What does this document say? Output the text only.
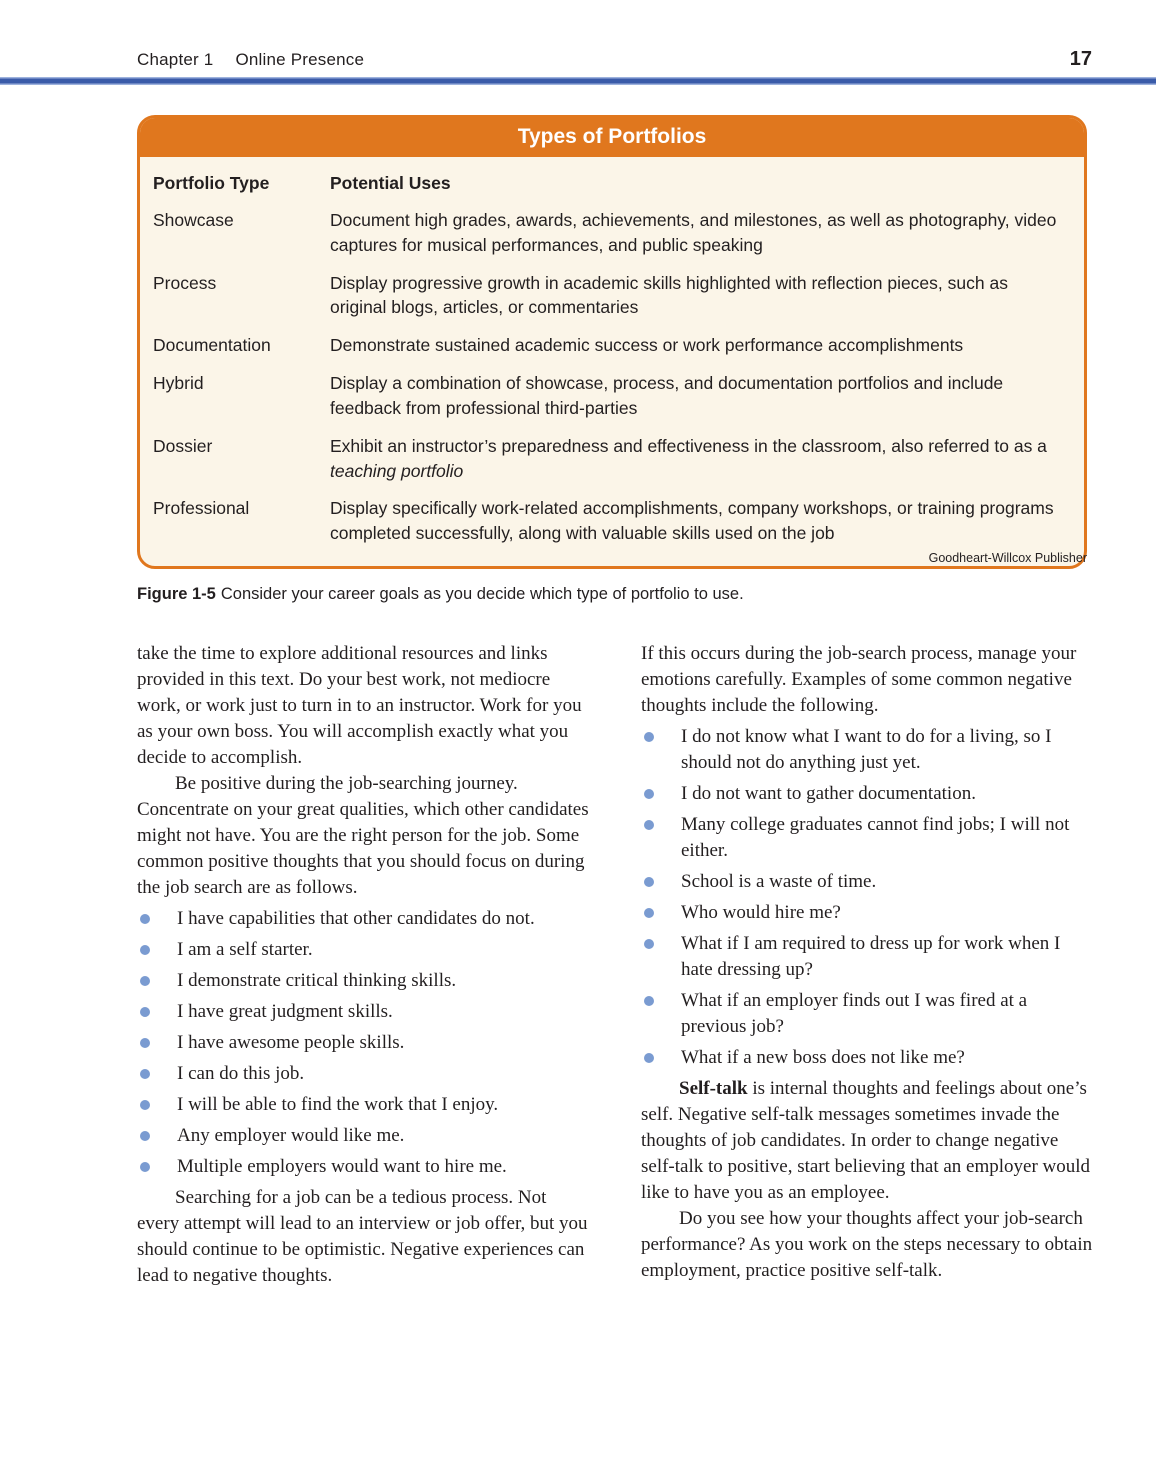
Chapter 1 Online Presence	17
Types of Portfolios
Portfolio Type	Potential Uses
Showcase	Document high grades, awards, achievements, and milestones, as well as photography, video captures for musical performances, and public speaking
Process	Display progressive growth in academic skills highlighted with reflection pieces, such as original blogs, articles, or commentaries
Documentation	Demonstrate sustained academic success or work performance accomplishments
Hybrid	Display a combination of showcase, process, and documentation portfolios and include feedback from professional third-parties
Dossier	Exhibit an instructor’s preparedness and effectiveness in the classroom, also referred to as a teaching portfolio
Professional	Display specifically work-related accomplishments, company workshops, or training programs completed successfully, along with valuable skills used on the job
Goodheart-Willcox Publisher
Figure 1-5 Consider your career goals as you decide which type of portfolio to use.

take the time to explore additional resources and links provided in this text. Do your best work, not mediocre work, or work just to turn in to an instructor. Work for you as your own boss. You will accomplish exactly what you decide to accomplish.

Be positive during the job-searching journey. Concentrate on your great qualities, which other candidates might not have. You are the right person for the job. Some common positive thoughts that you should focus on during the job search are as follows.

I have capabilities that other candidates do not.
I am a self starter.
I demonstrate critical thinking skills.
I have great judgment skills.
I have awesome people skills.
I can do this job.
I will be able to find the work that I enjoy.
Any employer would like me.
Multiple employers would want to hire me.

Searching for a job can be a tedious process. Not every attempt will lead to an interview or job offer, but you should continue to be optimistic. Negative experiences can lead to negative thoughts.

If this occurs during the job-search process, manage your emotions carefully. Examples of some common negative thoughts include the following.

I do not know what I want to do for a living, so I should not do anything just yet.
I do not want to gather documentation.
Many college graduates cannot find jobs; I will not either.
School is a waste of time.
Who would hire me?
What if I am required to dress up for work when I hate dressing up?
What if an employer finds out I was fired at a previous job?
What if a new boss does not like me?

Self-talk is internal thoughts and feelings about one’s self. Negative self-talk messages sometimes invade the thoughts of job candidates. In order to change negative self-talk to positive, start believing that an employer would like to have you as an employee.

Do you see how your thoughts affect your job-search performance? As you work on the steps necessary to obtain employment, practice positive self-talk.
